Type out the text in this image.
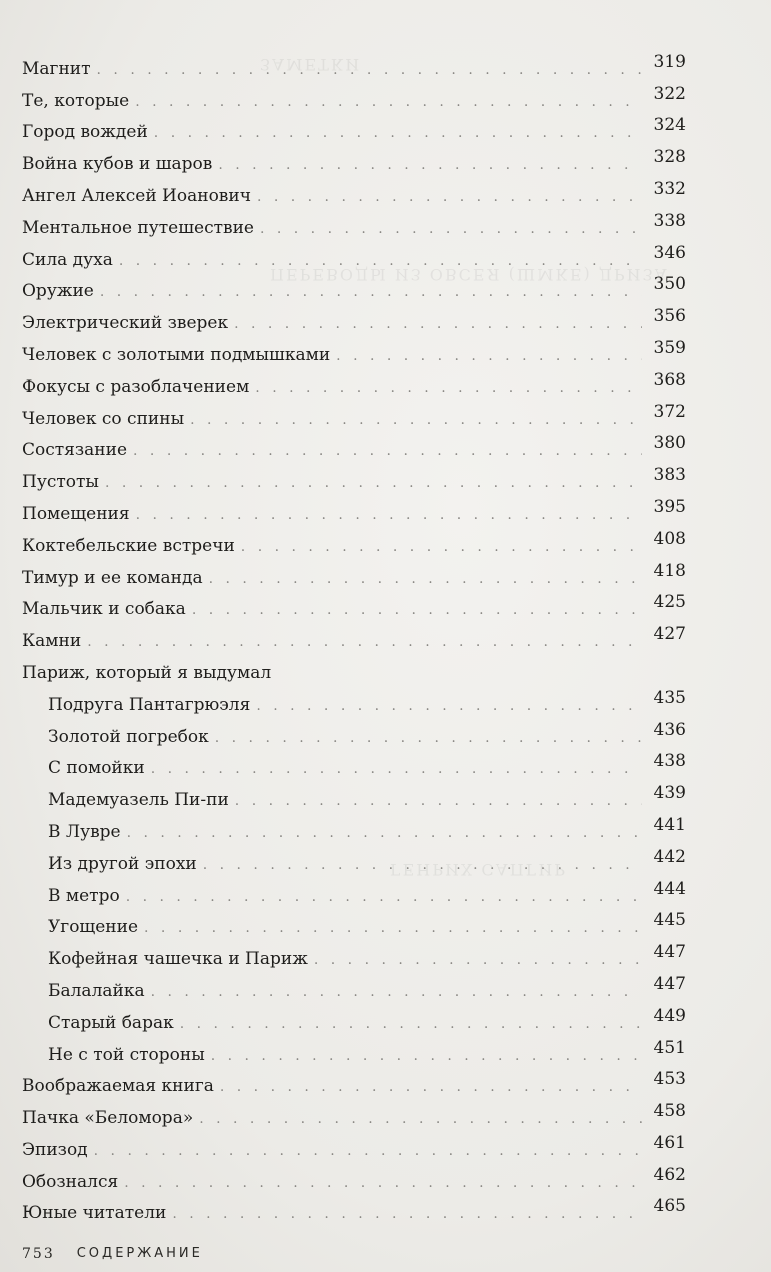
ЗАМЕТКИ
ПЕРЕВОДЫ ИЗ ОВСЕЯ (ШМКЕ) ДРИЗА
ГЕНРИХ САПГИР
Магнит . . .	319
Те, которые . . .	322
Город вождей . . .	324
Война кубов и шаров . . .	328
Ангел Алексей Иоанович . . .	332
Ментальное путешествие . . .	338
Сила духа . . .	346
Оружие . . .	350
Электрический зверек . . .	356
Человек с золотыми подмышками . . .	359
Фокусы с разоблачением . . .	368
Человек со спины . . .	372
Состязание . . .	380
Пустоты . . .	383
Помещения . . .	395
Коктебельские встречи . . .	408
Тимур и ее команда . . .	418
Мальчик и собака . . .	425
Камни . . .	427
Париж, который я выдумал
Подруга Пантагрюэля . . .	435
Золотой погребок . . .	436
С помойки . . .	438
Мадемуазель Пи-пи . . .	439
В Лувре . . .	441
Из другой эпохи . . .	442
В метро . . .	444
Угощение . . .	445
Кофейная чашечка и Париж . . .	447
Балалайка . . .	447
Старый барак . . .	449
Не с той стороны . . .	451
Воображаемая книга . . .	453
Пачка «Беломора» . . .	458
Эпизод . . .	461
Обознался . . .	462
Юные читатели . . .	465
753 СОДЕРЖАНИЕ
